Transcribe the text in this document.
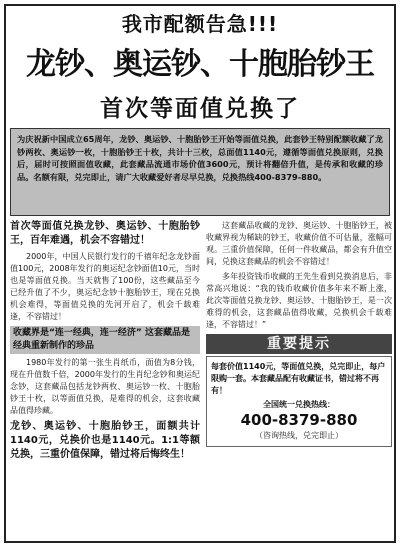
我市配额告急!!!
龙钞、奥运钞、十胞胎钞王
首次等面值兑换了
为庆祝新中国成立65周年，龙钞、奥运钞、十胞胎钞王开始等面值兑换，此套钞王特别配额收藏了龙钞两枚、奥运钞一枚，十胞胎钞王十枚，共计十三枚，总面值1140元，遵循等面值兑换原则，兑换后，届时可按照面值收藏，此套藏品流通市场价值3600元，预计将翻倍升值，是传承和收藏的珍品。名额有限，兑完即止，请广大收藏爱好者尽早兑换，兑换热线400-8379-880。

首次等面值兑换龙钞、奥运钞、十胞胎钞王，百年难遇，机会不容错过！

2000年，中国人民银行发行的千禧年纪念龙钞面值100元，2008年发行的奥运纪念钞面值10元，当时也是等面值兑换。当天就售了100份，这些藏品至今已经升值了不少，奥运纪念钞十胞胎钞王，现在兑换机会难得，等面值兑换的先河开启了，机会千载难逢，不容错过！

收藏界是“连一经典，连一经济” 这套藏品是经典重新制作的珍品

1980年发行的第一张生肖纸币，面值为8分钱，现在升值数千倍，2000年发行的生肖纪念钞和奥运纪念钞，这套藏品包括龙钞两枚、奥运钞一枚、十胞胎钞王十枚，以等面值兑换，是难得的机会，这套收藏品值得珍藏。

龙钞、奥运钞、十胞胎钞王，面额共计1140元，兑换价也是1140元。1:1等额兑换，三重价值保障，错过将后悔终生！

这套藏品收藏的龙钞、奥运钞、十胞胎钞王，被收藏界视为稀缺的钞王，收藏价值不可估量，涨幅可观。三重价值保障，任何一件收藏品，都会有升值空间，兑换这套藏品的机会不容错过！

多年投资钱币收藏的王先生看到兑换消息后，非常高兴地说：“我的钱币收藏价值多年来不断上涨，此次等面值兑换龙钞、奥运钞、十胞胎钞王，是一次难得的机会，这套藏品值得收藏，兑换机会千载难逢，不容错过！”

重要提示
每套价值1140元，等面值兑换，兑完即止，每户限购一套。本套藏品配有收藏证书，错过将不再有！
全国统一兑换热线：
400-8379-880
（咨询热线，兑完即止）
